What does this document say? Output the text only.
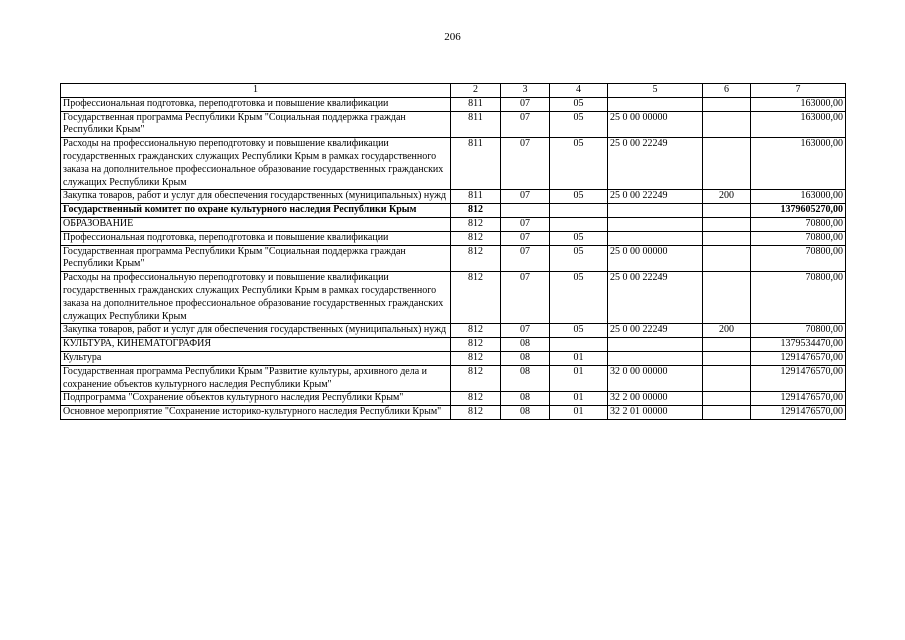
206
1	2	3	4	5	6	7
Профессиональная подготовка, переподготовка и повышение квалификации	811	07	05			163000,00
Государственная программа Республики Крым "Социальная поддержка граждан Республики Крым"	811	07	05	25 0 00 00000		163000,00
Расходы на профессиональную переподготовку и повышение квалификации государственных гражданских служащих Республики Крым в рамках государственного заказа на дополнительное профессиональное образование государственных гражданских служащих Республики Крым	811	07	05	25 0 00 22249		163000,00
Закупка товаров, работ и услуг для обеспечения государственных (муниципальных) нужд	811	07	05	25 0 00 22249	200	163000,00
Государственный комитет по охране культурного наследия Республики Крым	812					1379605270,00
ОБРАЗОВАНИЕ	812	07				70800,00
Профессиональная подготовка, переподготовка и повышение квалификации	812	07	05			70800,00
Государственная программа Республики Крым "Социальная поддержка граждан Республики Крым"	812	07	05	25 0 00 00000		70800,00
Расходы на профессиональную переподготовку и повышение квалификации государственных гражданских служащих Республики Крым в рамках государственного заказа на дополнительное профессиональное образование государственных гражданских служащих Республики Крым	812	07	05	25 0 00 22249		70800,00
Закупка товаров, работ и услуг для обеспечения государственных (муниципальных) нужд	812	07	05	25 0 00 22249	200	70800,00
КУЛЬТУРА, КИНЕМАТОГРАФИЯ	812	08				1379534470,00
Культура	812	08	01			1291476570,00
Государственная программа Республики Крым "Развитие культуры, архивного дела и сохранение объектов культурного наследия Республики Крым"	812	08	01	32 0 00 00000		1291476570,00
Подпрограмма "Сохранение объектов культурного наследия Республики Крым"	812	08	01	32 2 00 00000		1291476570,00
Основное мероприятие "Сохранение историко-культурного наследия Республики Крым"	812	08	01	32 2 01 00000		1291476570,00
